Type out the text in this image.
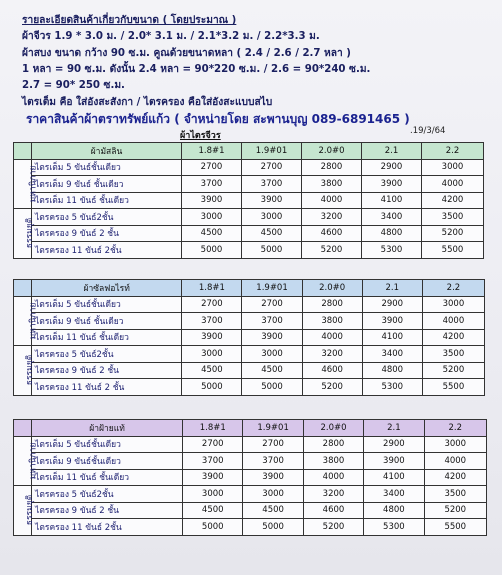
รายละเอียดสินค้าเกี่ยวกับขนาด ( โดยประมาณ )
ผ้าจีวร 1.9 * 3.0 ม. / 2.0* 3.1 ม. / 2.1*3.2 ม. / 2.2*3.3 ม.
ผ้าสบง ขนาด กว้าง 90 ซ.ม. คูณด้วยขนาดหลา ( 2.4 / 2.6 / 2.7 หลา )
1 หลา = 90 ซ.ม. ดังนั้น 2.4 หลา = 90*220 ซ.ม. / 2.6 = 90*240 ซ.ม.
2.7 = 90* 250 ซ.ม.
ไตรเต็ม คือ ใส่อังสะสังกา / ไตรครอง คือใส่อังสะแบบสไบ
ราคาสินค้าผ้าตราทรัพย์แก้ว ( จำหน่ายโดย สะพานบุญ 089-6891465 )
.19/3/64
ผ้าไตรจีวร
	ผ้ามัสลิน	1.8#1	1.9#01	2.0#0	2.1	2.2
มหานิกาย	ไตรเต็ม 5 ขันธ์ชั้นเดียว	2700	2700	2800	2900	3000
	ไตรเต็ม 9 ขันธ์ ชั้นเดียว	3700	3700	3800	3900	4000
	ไตรเต็ม 11 ขันธ์ ชั้นเดียว	3900	3900	4000	4100	4200
ธรรมยุติ	ไตรครอง 5 ขันธ์2ชั้น	3000	3000	3200	3400	3500
	ไตรครอง 9 ขันธ์ 2 ชั้น	4500	4500	4600	4800	5200
	ไตรครอง 11 ขันธ์ 2ชั้น	5000	5000	5200	5300	5500
	ผ้าซัลฟอไรท์	1.8#1	1.9#01	2.0#0	2.1	2.2
มหานิกาย	ไตรเต็ม 5 ขันธ์ชั้นเดียว	2700	2700	2800	2900	3000
	ไตรเต็ม 9 ขันธ์ ชั้นเดียว	3700	3700	3800	3900	4000
	ไตรเต็ม 11 ขันธ์ ชั้นเดียว	3900	3900	4000	4100	4200
ธรรมยุติ	ไตรครอง 5 ขันธ์2ชั้น	3000	3000	3200	3400	3500
	ไตรครอง 9 ขันธ์ 2 ชั้น	4500	4500	4600	4800	5200
	ไตรครอง 11 ขันธ์ 2 ชั้น	5000	5000	5200	5300	5500
	ผ้าฝ้ายแท้	1.8#1	1.9#01	2.0#0	2.1	2.2
มหานิกาย	ไตรเต็ม 5 ขันธ์ชั้นเดียว	2700	2700	2800	2900	3000
	ไตรเต็ม 9 ขันธ์ชั้นเดียว	3700	3700	3800	3900	4000
	ไตรเต็ม 11 ขันธ์ ชั้นเดียว	3900	3900	4000	4100	4200
ธรรมยุติ	ไตรครอง 5 ขันธ์2ชั้น	3000	3000	3200	3400	3500
	ไตรครอง 9 ขันธ์ 2 ชั้น	4500	4500	4600	4800	5200
	ไตรครอง 11 ขันธ์ 2ชั้น	5000	5000	5200	5300	5500
